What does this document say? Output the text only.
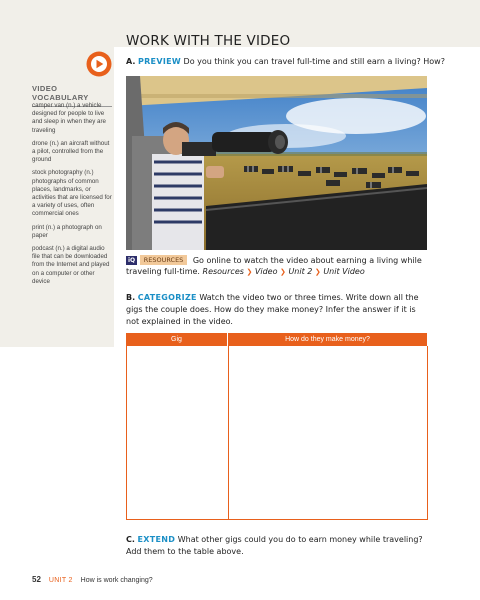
WORK WITH THE VIDEO
A. PREVIEW Do you think you can travel full-time and still earn a living? How?
VIDEO VOCABULARY
camper van (n.) a vehicle designed for people to live and sleep in when they are traveling
drone (n.) an aircraft without a pilot, controlled from the ground
stock photography (n.) photographs of common places, landmarks, or activities that are licensed for a variety of uses, often commercial ones
print (n.) a photograph on paper
podcast (n.) a digital audio file that can be downloaded from the Internet and played on a computer or other device
iQ RESOURCES Go online to watch the video about earning a living while traveling full-time. Resources ❯ Video ❯ Unit 2 ❯ Unit Video
B. CATEGORIZE Watch the video two or three times. Write down all the gigs the couple does. How do they make money? Infer the answer if it is not explained in the video.
Gig	How do they make money?
C. EXTEND What other gigs could you do to earn money while traveling? Add them to the table above.
52 UNIT 2 How is work changing?
